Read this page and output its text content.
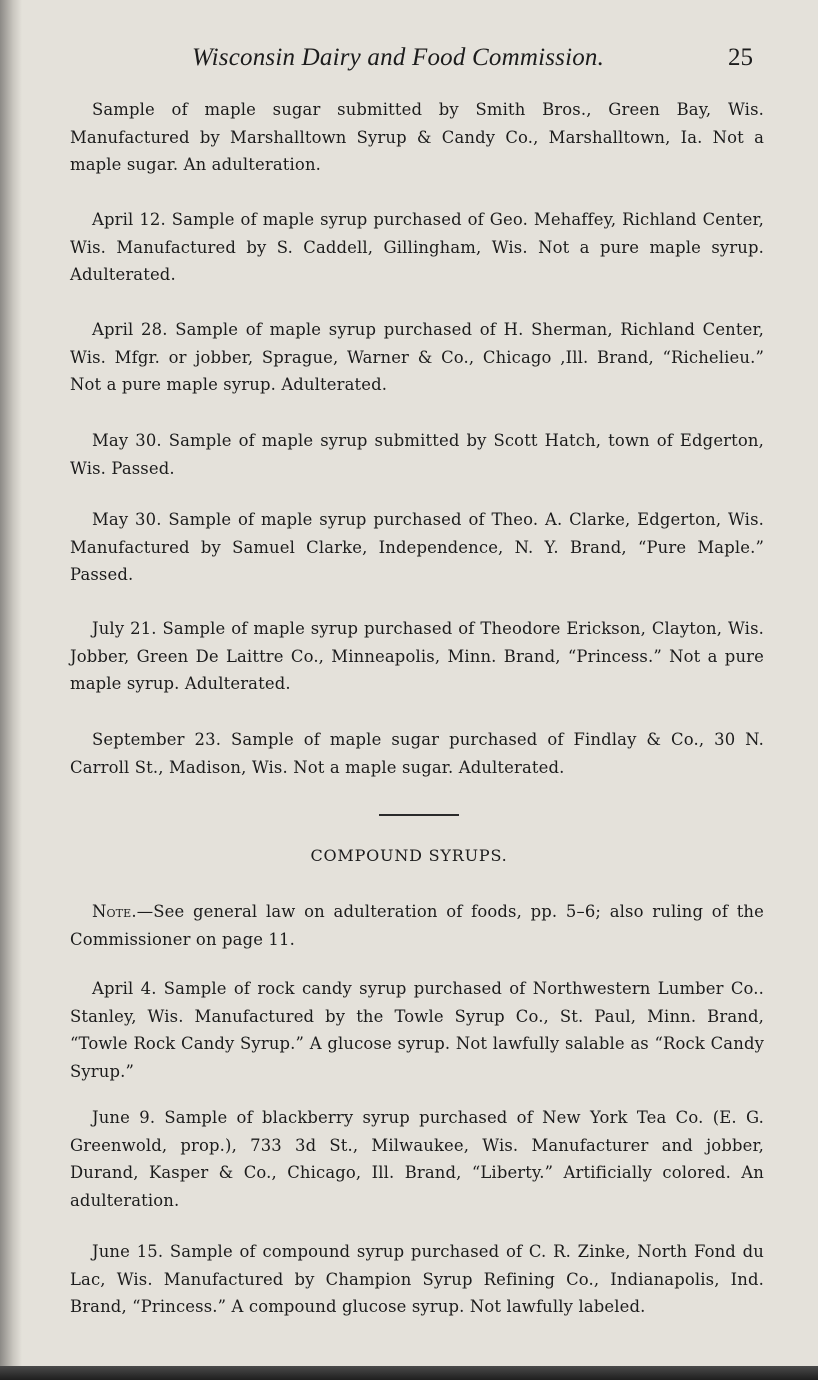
Wisconsin Dairy and Food Commission.	25

Sample of maple sugar submitted by Smith Bros., Green Bay, Wis. Manufactured by Marshalltown Syrup & Candy Co., Marshalltown, Ia. Not a maple sugar. An adulteration.

April 12. Sample of maple syrup purchased of Geo. Mehaffey, Richland Center, Wis. Manufactured by S. Caddell, Gillingham, Wis. Not a pure maple syrup. Adulterated.

April 28. Sample of maple syrup purchased of H. Sherman, Richland Center, Wis. Mfgr. or jobber, Sprague, Warner & Co., Chicago ,Ill. Brand, “Richelieu.” Not a pure maple syrup. Adulterated.

May 30. Sample of maple syrup submitted by Scott Hatch, town of Edgerton, Wis. Passed.

May 30. Sample of maple syrup purchased of Theo. A. Clarke, Edgerton, Wis. Manufactured by Samuel Clarke, Independence, N. Y. Brand, “Pure Maple.” Passed.

July 21. Sample of maple syrup purchased of Theodore Erickson, Clayton, Wis. Jobber, Green De Laittre Co., Minneapolis, Minn. Brand, “Princess.” Not a pure maple syrup. Adulterated.

September 23. Sample of maple sugar purchased of Findlay & Co., 30 N. Carroll St., Madison, Wis. Not a maple sugar. Adulterated.

COMPOUND SYRUPS.

Note.—See general law on adulteration of foods, pp. 5–6; also ruling of the Commissioner on page 11.

April 4. Sample of rock candy syrup purchased of Northwestern Lumber Co.. Stanley, Wis. Manufactured by the Towle Syrup Co., St. Paul, Minn. Brand, “Towle Rock Candy Syrup.” A glucose syrup. Not lawfully salable as “Rock Candy Syrup.”

June 9. Sample of blackberry syrup purchased of New York Tea Co. (E. G. Greenwold, prop.), 733 3d St., Milwaukee, Wis. Manufacturer and jobber, Durand, Kasper & Co., Chicago, Ill. Brand, “Liberty.” Artificially colored. An adulteration.

June 15. Sample of compound syrup purchased of C. R. Zinke, North Fond du Lac, Wis. Manufactured by Champion Syrup Refining Co., Indianapolis, Ind. Brand, “Princess.” A compound glucose syrup. Not lawfully labeled.
